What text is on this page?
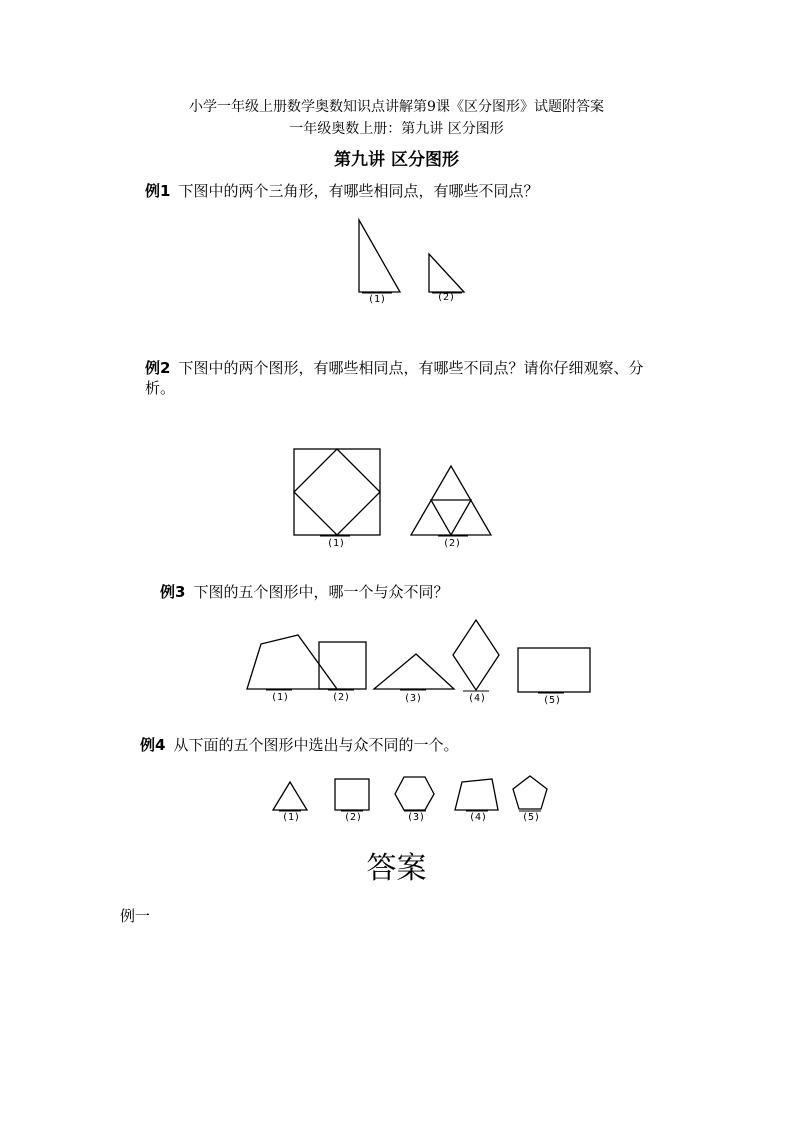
小学一年级上册数学奥数知识点讲解第9课《区分图形》试题附答案
一年级奥数上册：第九讲 区分图形
第九讲 区分图形
例1 下图中的两个三角形，有哪些相同点，有哪些不同点？
(1)	(2)
例2 下图中的两个图形，有哪些相同点，有哪些不同点？请你仔细观察、分析。
(1)	(2)
例3 下图的五个图形中，哪一个与众不同？
(1)	(2)	(3)	(4)	(5)
例4 从下面的五个图形中选出与众不同的一个。
(1)	(2)	(3)	(4)	(5)
答案
例一
